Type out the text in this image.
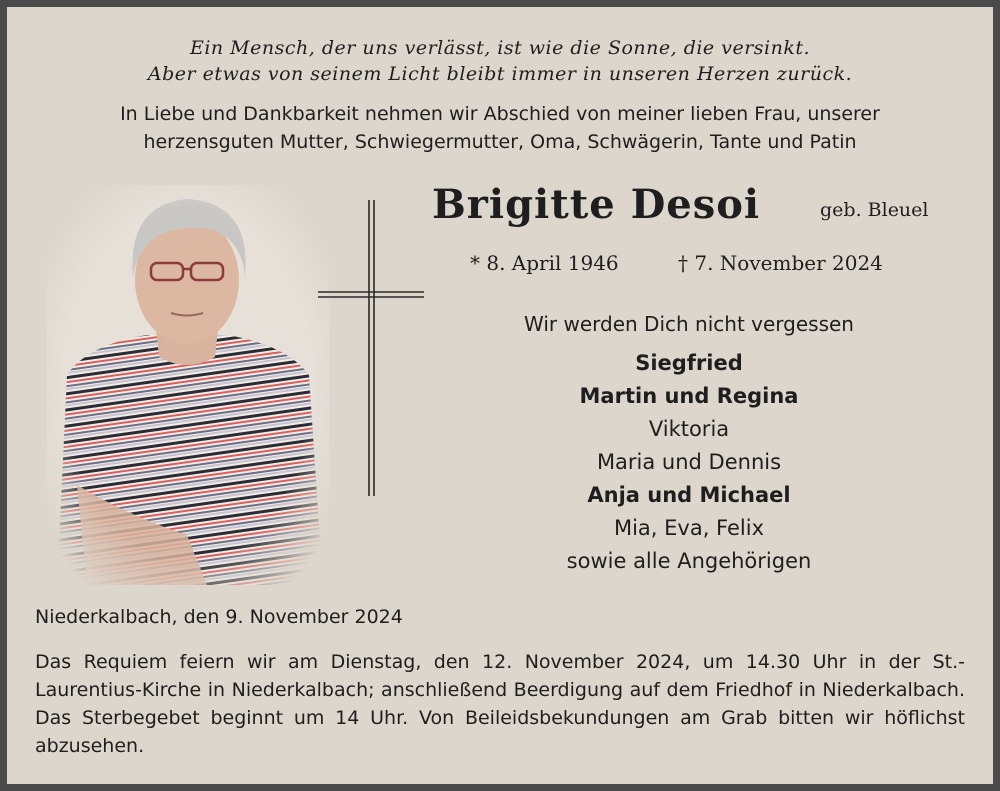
Ein Mensch, der uns verlässt, ist wie die Sonne, die versinkt.
Aber etwas von seinem Licht bleibt immer in unseren Herzen zurück.
In Liebe und Dankbarkeit nehmen wir Abschied von meiner lieben Frau, unserer
herzensguten Mutter, Schwiegermutter, Oma, Schwägerin, Tante und Patin
Brigitte Desoi	geb. Bleuel
* 8. April 1946	† 7. November 2024
Wir werden Dich nicht vergessen
Siegfried
Martin und Regina
Viktoria
Maria und Dennis
Anja und Michael
Mia, Eva, Felix
sowie alle Angehörigen
Niederkalbach, den 9. November 2024
Das Requiem feiern wir am Dienstag, den 12. November 2024, um 14.30 Uhr in der St.-Laurentius-Kirche in Niederkalbach; anschließend Beerdigung auf dem Friedhof in Niederkalbach. Das Sterbegebet beginnt um 14 Uhr. Von Beileidsbekundungen am Grab bitten wir höflichst abzusehen.
